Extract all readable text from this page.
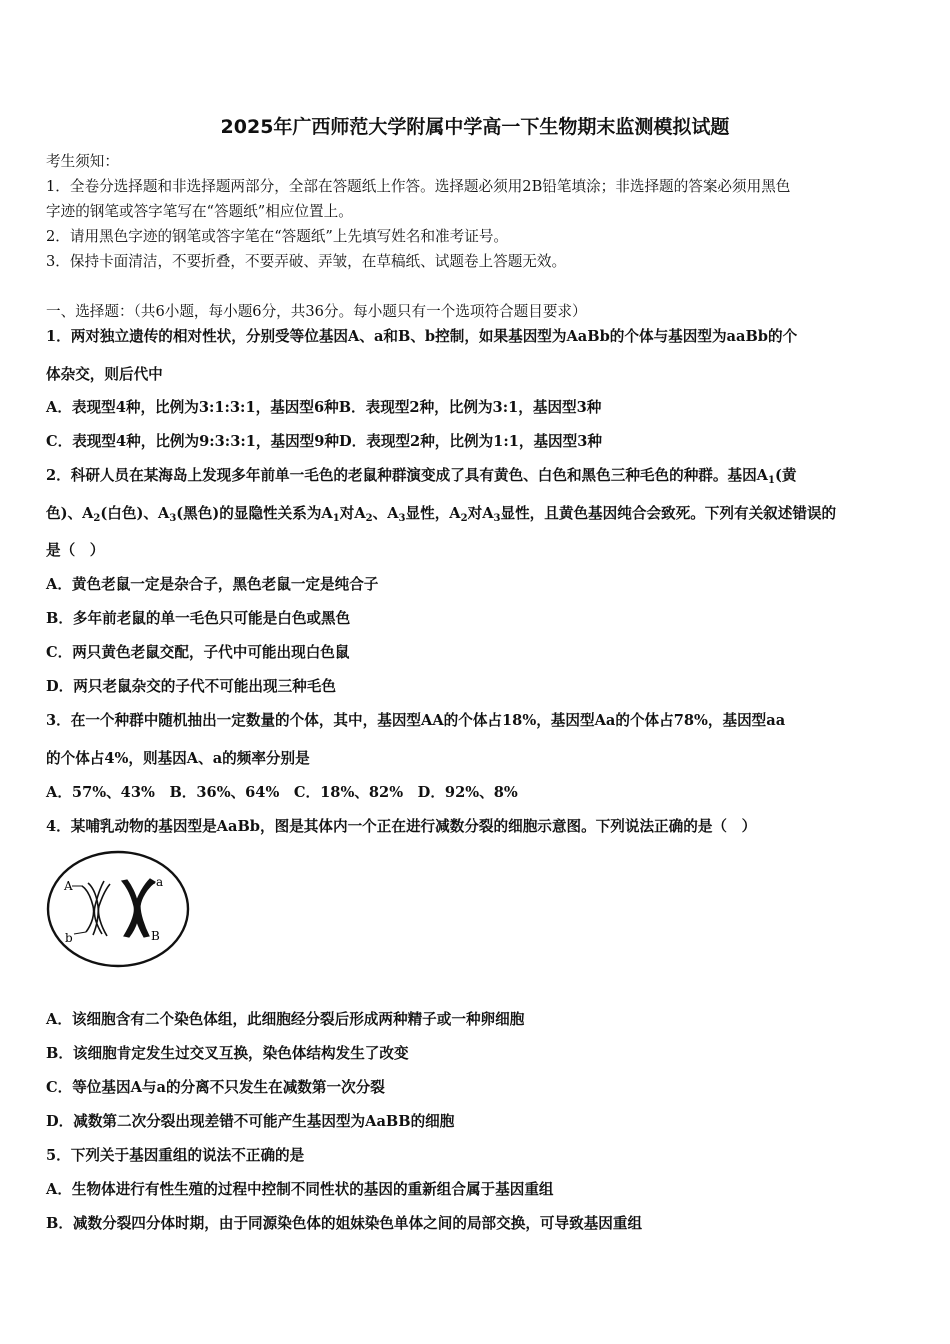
2025年广西师范大学附属中学高一下生物期末监测模拟试题
考生须知：
1．全卷分选择题和非选择题两部分，全部在答题纸上作答。选择题必须用2B铅笔填涂；非选择题的答案必须用黑色
字迹的钢笔或答字笔写在“答题纸”相应位置上。
2．请用黑色字迹的钢笔或答字笔在“答题纸”上先填写姓名和准考证号。
3．保持卡面清洁，不要折叠，不要弄破、弄皱，在草稿纸、试题卷上答题无效。
一、选择题：（共6小题，每小题6分，共36分。每小题只有一个选项符合题目要求）
1．两对独立遗传的相对性状，分别受等位基因A、a和B、b控制，如果基因型为AaBb的个体与基因型为aaBb的个
体杂交，则后代中
A．表现型4种，比例为3:1:3:1，基因型6种B．表现型2种，比例为3:1，基因型3种
C．表现型4种，比例为9:3:3:1，基因型9种D．表现型2种，比例为1:1，基因型3种
2．科研人员在某海岛上发现多年前单一毛色的老鼠种群演变成了具有黄色、白色和黑色三种毛色的种群。基因$A_1$(黄
色)、$A_2$(白色)、$A_3$(黑色)的显隐性关系为$A_1$对$A_2$、$A_3$显性，$A_2$对$A_3$显性，且黄色基因纯合会致死。下列有关叙述错误的
是（　）
A．黄色老鼠一定是杂合子，黑色老鼠一定是纯合子
B．多年前老鼠的单一毛色只可能是白色或黑色
C．两只黄色老鼠交配，子代中可能出现白色鼠
D．两只老鼠杂交的子代不可能出现三种毛色
3．在一个种群中随机抽出一定数量的个体，其中，基因型AA的个体占18%，基因型Aa的个体占78%，基因型aa
的个体占4%，则基因A、a的频率分别是
A．57%、43%　B．36%、64%　C．18%、82%　D．92%、8%
4．某哺乳动物的基因型是AaBb，图是其体内一个正在进行减数分裂的细胞示意图。下列说法正确的是（　）
A	a
b	B
A．该细胞含有二个染色体组，此细胞经分裂后形成两种精子或一种卵细胞
B．该细胞肯定发生过交叉互换，染色体结构发生了改变
C．等位基因A与a的分离不只发生在减数第一次分裂
D．减数第二次分裂出现差错不可能产生基因型为AaBB的细胞
5．下列关于基因重组的说法不正确的是
A．生物体进行有性生殖的过程中控制不同性状的基因的重新组合属于基因重组
B．减数分裂四分体时期，由于同源染色体的姐妹染色单体之间的局部交换，可导致基因重组
